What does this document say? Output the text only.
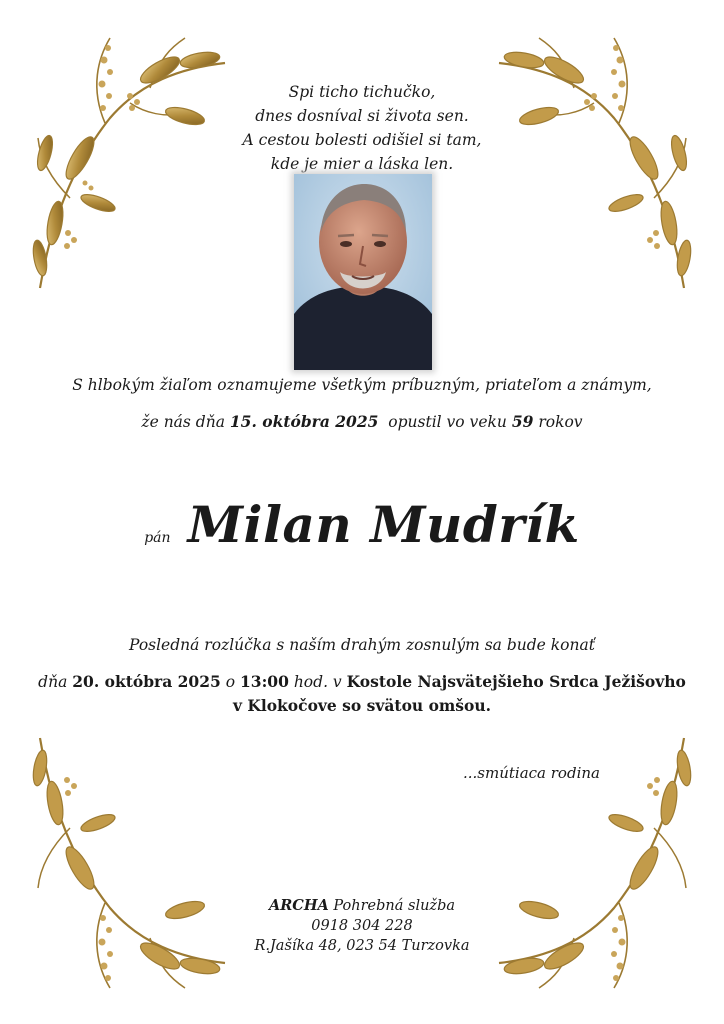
Spi ticho tichučko,
dnes dosníval si života sen.
A cestou bolesti odišiel si tam,
kde je mier a láska len.
S hlbokým žiaľom oznamujeme všetkým príbuzným, priateľom a známym,
že nás dňa 15. októbra 2025 opustil vo veku 59 rokov
pán Milan Mudrík
Posledná rozlúčka s naším drahým zosnulým sa bude konať
dňa 20. októbra 2025 o 13:00 hod. v Kostole Najsvätejšieho Srdca Ježišovho
v Klokočove so svätou omšou.
...smútiaca rodina
ARCHA Pohrebná služba
0918 304 228
R.Jašíka 48, 023 54 Turzovka
